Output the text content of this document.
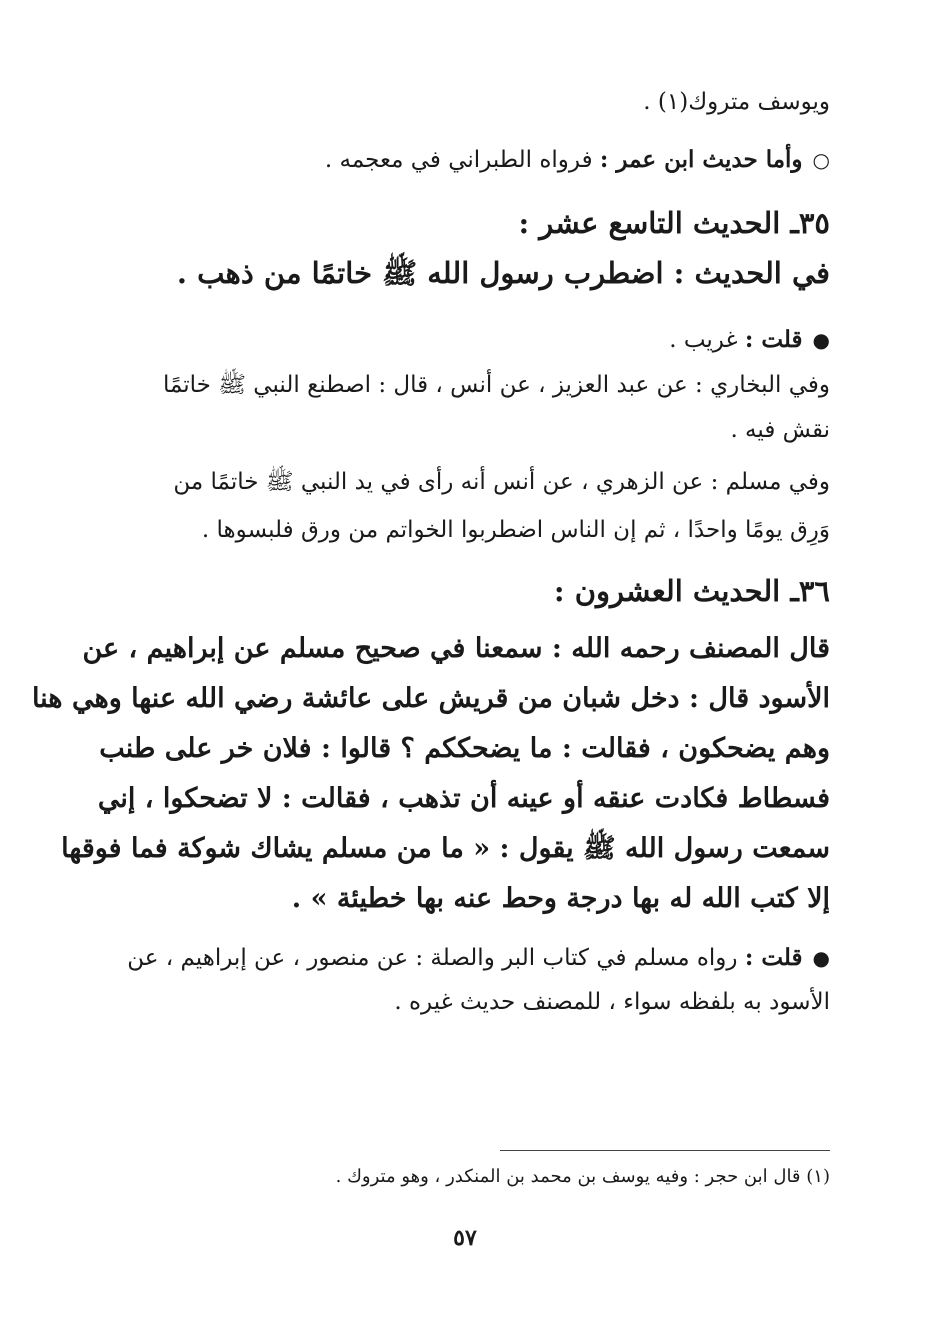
ويوسف متروك(١) .
○وأما حديث ابن عمر : فرواه الطبراني في معجمه .
٣٥ـ الحديث التاسع عشر :
في الحديث : اضطرب رسول الله ﷺ خاتمًا من ذهب .
●قلت : غريب .
وفي البخاري : عن عبد العزيز ، عن أنس ، قال : اصطنع النبي ﷺ خاتمًا
نقش فيه .
وفي مسلم : عن الزهري ، عن أنس أنه رأى في يد النبي ﷺ خاتمًا من
وَرِق يومًا واحدًا ، ثم إن الناس اضطربوا الخواتم من ورق فلبسوها .
٣٦ـ الحديث العشرون :
قال المصنف رحمه الله : سمعنا في صحيح مسلم عن إبراهيم ، عن
الأسود قال : دخل شبان من قريش على عائشة رضي الله عنها وهي هنا
وهم يضحكون ، فقالت : ما يضحككم ؟ قالوا : فلان خر على طنب
فسطاط فكادت عنقه أو عينه أن تذهب ، فقالت : لا تضحكوا ، إني
سمعت رسول الله ﷺ يقول : « ما من مسلم يشاك شوكة فما فوقها
إلا كتب الله له بها درجة وحط عنه بها خطيئة » .
●قلت : رواه مسلم في كتاب البر والصلة : عن منصور ، عن إبراهيم ، عن
الأسود به بلفظه سواء ، للمصنف حديث غيره .
(١) قال ابن حجر : وفيه يوسف بن محمد بن المنكدر ، وهو متروك .
٥٧
